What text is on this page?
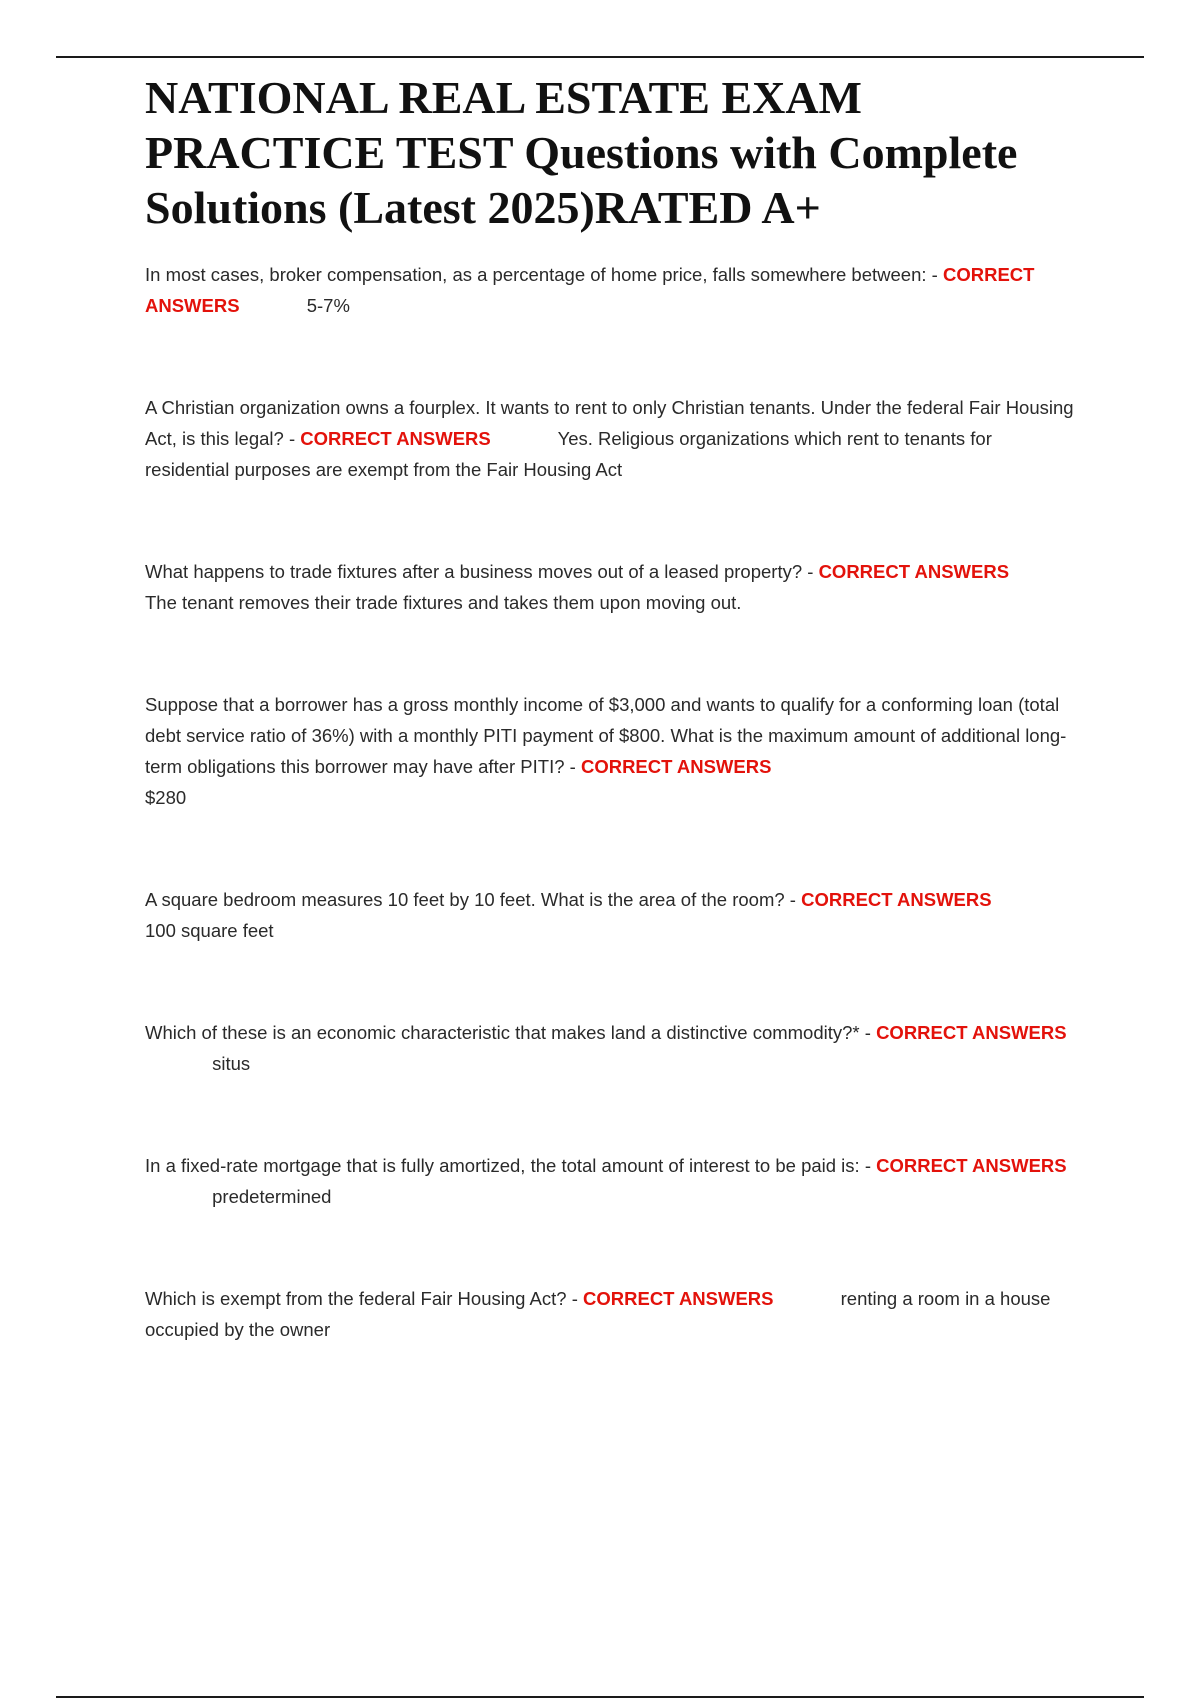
NATIONAL REAL ESTATE EXAM PRACTICE TEST Questions with Complete Solutions (Latest 2025)RATED A+

In most cases, broker compensation, as a percentage of home price, falls somewhere between: - CORRECT ANSWERS	5-7%

A Christian organization owns a fourplex. It wants to rent to only Christian tenants. Under the federal Fair Housing Act, is this legal? - CORRECT ANSWERS	Yes. Religious organizations which rent to tenants for residential purposes are exempt from the Fair Housing Act

What happens to trade fixtures after a business moves out of a leased property? - CORRECT ANSWERS
The tenant removes their trade fixtures and takes them upon moving out.

Suppose that a borrower has a gross monthly income of $3,000 and wants to qualify for a conforming loan (total debt service ratio of 36%) with a monthly PITI payment of $800. What is the maximum amount of additional long-term obligations this borrower may have after PITI? - CORRECT ANSWERS
$280

A square bedroom measures 10 feet by 10 feet. What is the area of the room? - CORRECT ANSWERS
100 square feet

Which of these is an economic characteristic that makes land a distinctive commodity?* - CORRECT ANSWERS situs

In a fixed-rate mortgage that is fully amortized, the total amount of interest to be paid is: - CORRECT ANSWERS predetermined

Which is exempt from the federal Fair Housing Act? - CORRECT ANSWERS	renting a room in a house occupied by the owner
